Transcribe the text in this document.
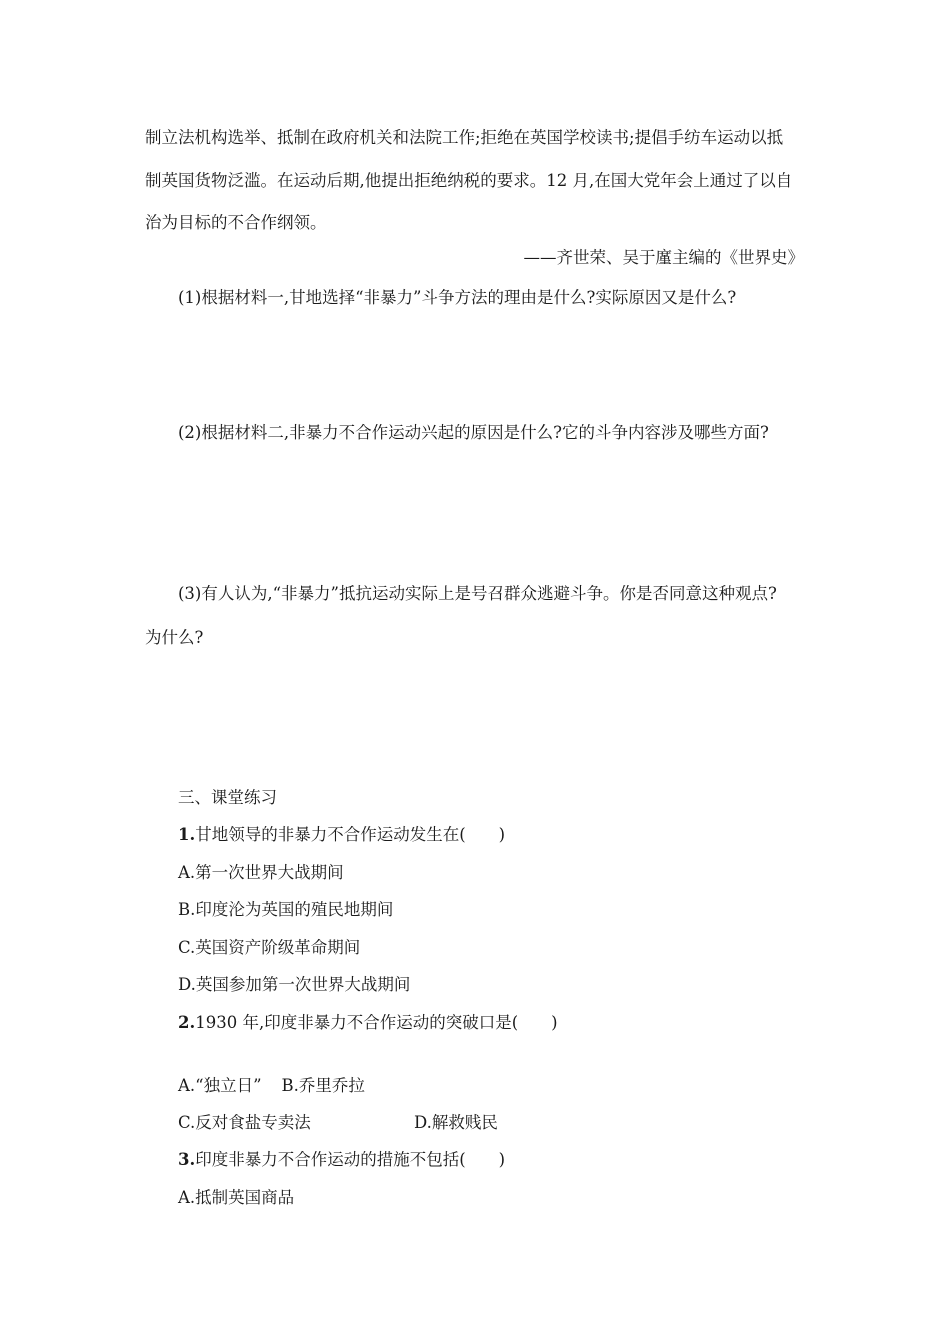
制立法机构选举、抵制在政府机关和法院工作;拒绝在英国学校读书;提倡手纺车运动以抵
制英国货物泛滥。在运动后期,他提出拒绝纳税的要求。12 月,在国大党年会上通过了以自
治为目标的不合作纲领。
——齐世荣、吴于廑主编的《世界史》
(1)根据材料一,甘地选择“非暴力”斗争方法的理由是什么?实际原因又是什么?
(2)根据材料二,非暴力不合作运动兴起的原因是什么?它的斗争内容涉及哪些方面?
(3)有人认为,“非暴力”抵抗运动实际上是号召群众逃避斗争。你是否同意这种观点?
为什么?
三、课堂练习
1.甘地领导的非暴力不合作运动发生在(　　)
A.第一次世界大战期间
B.印度沦为英国的殖民地期间
C.英国资产阶级革命期间
D.英国参加第一次世界大战期间
2.1930 年,印度非暴力不合作运动的突破口是(　　)
A.“独立日” B.乔里乔拉
C.反对食盐专卖法	D.解救贱民
3.印度非暴力不合作运动的措施不包括(　　)
A.抵制英国商品
